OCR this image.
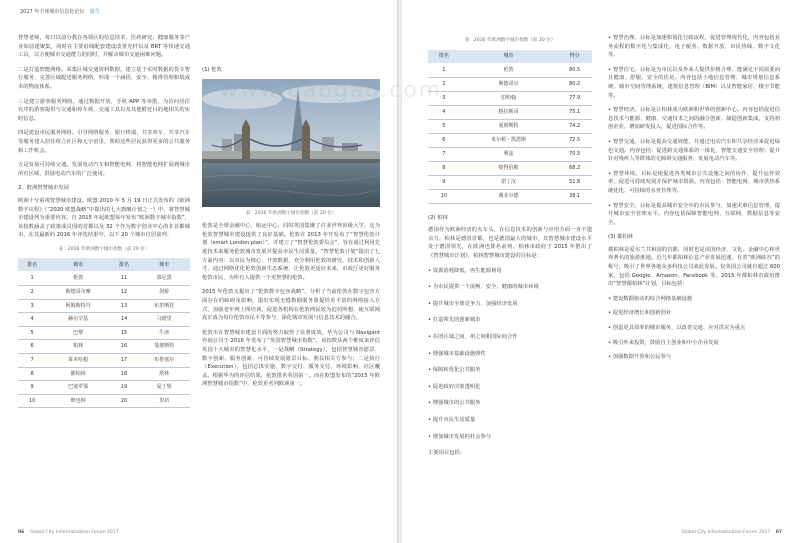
2017 年全球城市信息化论坛 报告

智慧老师，每日以前分教在各领区的信息技术、医药研究、健康服务等产业如前建聚集，同时在主要沿线配套建设改善光纤以及 BRT 等快速交通工具，以方便城市交通能力的同时，并解决城市交通困难问题。

二是打造智能网络。采集区域交通资料数据，建立基于实时数据的货车智行服务，完善区域配送服务网络，形成一个涵括、安全、精准管理和低成本的物流体系。

三是建立游客服务网络。通过数据开放，手机 APP 等举措，为访问居住有序的游客提供与交通和停车场、交通工具以及其他附近目的地相关的实时信息。

四是建设市民服务网络。引导网络服务、银行终端、共享单车、共享汽车等服务建入居住组立社区和元宇宙里，帮助这些居民获得更多的公共服务和工作机会。

五是发展可持续交通。发展电动汽车和智能电网，将智能电网扩展到城市所有区域，鼓励电动汽车的广泛使用。

2、欧洲智慧城市发展

欧洲十分重视智慧城市建设。欧盟 2010 年 5 月 19 日正式发布的《欧洲数字议程》（“2020 欧盟战略”中提出的七大旗舰计划之一）中，将智慧城市建设列为重要内容。自 2015 年起欧盟每年发布“欧洲数字城市指数”，该指数涵盖了政策成员国的首都以及 32 个作为数字创业中心的非首都城市。在其最新的 2016 年评选结果中，以下 20 个城市位居前列：

表：2016 年欧洲数字城市指数（前 20 位）
排名	城市	排名	城市
1	伦敦	11	慕尼黑
2	斯德哥尔摩	12	剑桥
3	阿姆斯特丹	13	布里斯托
4	赫尔辛基	14	马德里
5	巴黎	15	牛津
6	柏林	16	曼彻斯特
7	哥本哈根	17	布鲁塞尔
8	都柏林	18	塔林
9	巴塞罗那	19	爱丁堡
10	维也纳	20	里昂
(1) 伦敦
表：2016 年欧洲数字城市指数（前 20 位）

伦敦是全球金融中心，航运中心，同时英国集聚了许多世界顶级大学，这为伦敦智慧城市建设提供了良好基础。伦敦在 2013 年开发布了“智慧伦敦计划（smart London plan）”，并建立了“智慧伦敦委员会”，旨在通过利用先进技术来服务伦敦城市发展并提高市民生活质量。“智慧伦敦计划”提出了七方面内容：以市民为核心、开放数据、充分利用伦敦的研究、技术和创新人才、通过网络优化伦敦创新生态系统，让伦敦更适应未来，市政厅更好服务伦敦市民，为所有人提供一个更智慧的伦敦。

2015 年伦敦又提出了“伦敦数字包容战略”，分析了当前伦敦在数字包容方面存在的障碍及影响，提出实现无缝数据服务策提供更丰富的网络接入方式，加强老年网上网培训，促进各机构在伦敦网民较为迫切所想，使互联网真正成为每位伦敦市民平等参与、深化城市发展与信息技术的融合。

伦敦市在智慧城市建设方面的努力取得了显著成效。华为公司与 Navigant 咨询公司于 2016 年发布了“英国智慧城市指数”，该指数从两个维度来评估英国十大城市的智慧化水平，一是战略（Strategy），包括智慧城市愿景、数字创新、服务创新、可持续发展愿景目标、利益相关方参与；二是执行（Execution），包括总体实施、数字交付、服务交付、环境影响、社区覆盖。根据华为的评估结果，伦敦排名英国第一。而在欧盟发布的“2015 年欧洲智慧城市指数”中，伦敦更名列欧洲第一。

06 Global City Informatization Forum 2017
表：2016 年欧洲数字城市指数（前 20 位）
排名	城市	得分
1	伦敦	80.5
2	斯德哥尔	80.2
3	伯明翰	77.9
4	格拉斯哥	75.1
5	曼彻斯特	74.2
6	米尔顿・凯恩斯	72.5
7	利兹	70.5
8	彼得伯勒	68.2
9	诺丁汉	51.8
10	谢菲尔德	38.1
(2) 柏林

德国作为欧洲经济的火车头，在信息技术的创新与应用方面一直不遗余力。柏林是德国首都，也是德国最大的城市，其智慧城市建设水平处于德国领先，在欧洲也排名前列。柏林市政府于 2015 年推出了《智慧城市计划》，柏林智慧城市建设的目标是：

• 资源消耗降低，再生能源利用
• 为市民提供一个流畅、安全、健康的城市环境
• 提升城市全球竞争力，加强经济发展
• 打造领先的创新城市
• 在团区域之间、州之间和国际间合作
• 增强城市基础设施弹性
• 保障和优化公共服务
• 促进政府决策透明化
• 增强城市的公共服务
• 提升市民生活质量
• 增加城市发展的社会参与

主要项目包括：

• 智慧治理。目标是加速和简化行政流程，促进管理现代化，内容包括业务流程的数字化与集成化、电子税务、数据开放、市民热线、数字文化等。

• 智慧住宅。目标是为市民以及外来人提供价格合理、能满足不同需要而且健康、舒服、安全的住房。内容包括土地信息管理、城市规划信息系统、城市空间管理系统、建筑信息管理（BIM）以及智能家居、楼宇节能等。

• 智慧经济。目标是让柏林成为欧洲和世界的创新中心。内容包括促进信息技术与能源、健康、交通技术之间的融合创新，制造创新集成，支持初创企业，增加研发投入，促进国际合作等。

• 智慧交通。目标是提高交通效能，并通过电动汽车和共享经济来促进绿色交通。内容包括：促进跨交通体系的一体化，智能交通安全管理；提升针对残疾人等群体的无障碍交通服务；发展电动汽车等。

• 智慧环境。目标是使促进各类城市公共设施之间的协作，提升运作效率，促进可持续发展并保护城市资源。内容包括：智能电网、城市供热系统优化、可持续的水务管理等。

• 智慧安全。目标是提高城市安全中的市民参与，加速灾难信息管理，提升城市安全管理水平。内容包括保障智能电网、互联网、数据信息等安全。

(3) 都柏林

都柏林是爱尔兰共和国的首都，同时也是该国经济、文化、金融中心和世界著名的旅游胜地。近几年都柏林信息产业发展迅速，有着“欧洲硅谷”的称号，吸引了世界各地众多科技公司来此发展。仅英国公司就有超过 600 家，包括 Google、Amazon、Facebook 等。2015 年都柏林市政府推出“智慧都柏林”计划，目标包括：

• 建设数据驱动的综合网络基础设施

• 促进经济增长和创新创业

• 创造更具效率的城市服务，以改善交通、应对洪灾为重点

• 吸引外来投资，鼓励自主创业和中小企业发展

• 加强数据开放和公民参与

Global City Informatization Forum 2017 07
www.baogao.com
